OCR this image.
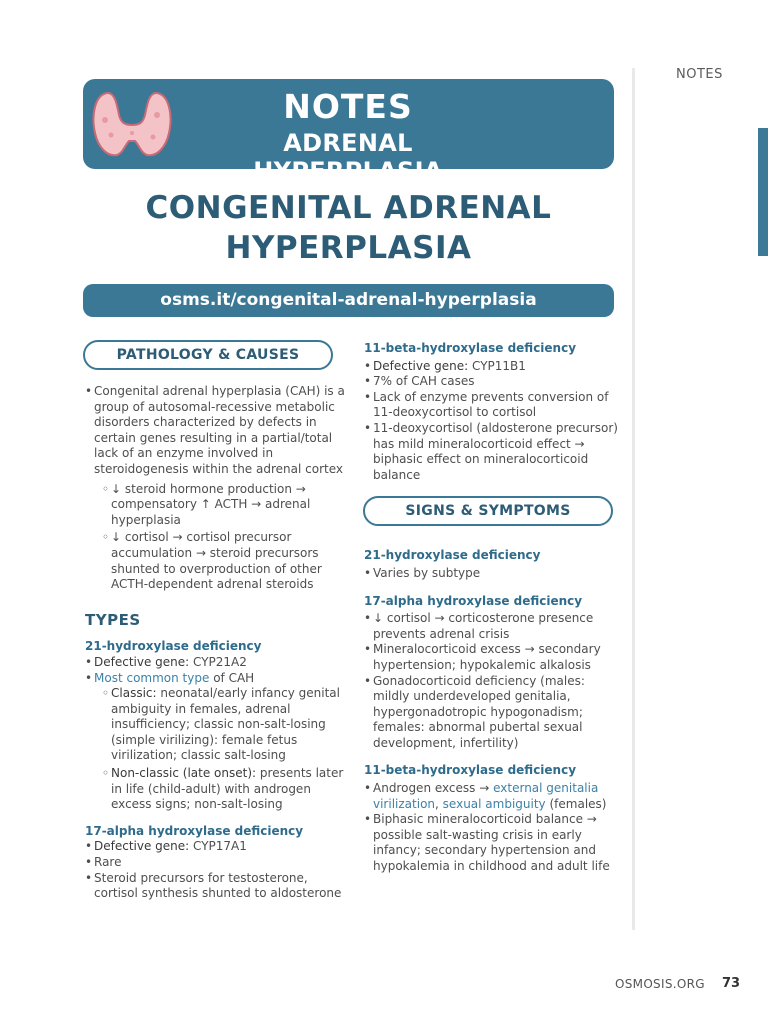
NOTES
NOTES
ADRENAL HYPERPLASIA
CONGENITAL ADRENAL
HYPERPLASIA
osms.it/congenital-adrenal-hyperplasia
PATHOLOGY & CAUSES
SIGNS & SYMPTOMS
• Congenital adrenal hyperplasia (CAH) is a group of autosomal-recessive metabolic disorders characterized by defects in certain genes resulting in a partial/total lack of an enzyme involved in steroidogenesis within the adrenal cortex
◦ ↓ steroid hormone production → compensatory ↑ ACTH → adrenal hyperplasia
◦ ↓ cortisol → cortisol precursor accumulation → steroid precursors shunted to overproduction of other ACTH-dependent adrenal steroids
TYPES
21-hydroxylase deficiency
• Defective gene: CYP21A2
• Most common type of CAH
◦ Classic: neonatal/early infancy genital ambiguity in females, adrenal insufficiency; classic non-salt-losing (simple virilizing): female fetus virilization; classic salt-losing
◦ Non-classic (late onset): presents later in life (child-adult) with androgen excess signs; non-salt-losing
17-alpha hydroxylase deficiency
• Defective gene: CYP17A1
• Rare
• Steroid precursors for testosterone, cortisol synthesis shunted to aldosterone
11-beta-hydroxylase deficiency
• Defective gene: CYP11B1
• 7% of CAH cases
• Lack of enzyme prevents conversion of 11-deoxycortisol to cortisol
• 11-deoxycortisol (aldosterone precursor) has mild mineralocorticoid effect → biphasic effect on mineralocorticoid balance
21-hydroxylase deficiency
• Varies by subtype
17-alpha hydroxylase deficiency
• ↓ cortisol → corticosterone presence prevents adrenal crisis
• Mineralocorticoid excess → secondary hypertension; hypokalemic alkalosis
• Gonadocorticoid deficiency (males: mildly underdeveloped genitalia, hypergonadotropic hypogonadism; females: abnormal pubertal sexual development, infertility)
11-beta-hydroxylase deficiency
• Androgen excess → external genitalia virilization, sexual ambiguity (females)
• Biphasic mineralocorticoid balance → possible salt-wasting crisis in early infancy; secondary hypertension and hypokalemia in childhood and adult life
OSMOSIS.ORG 73
